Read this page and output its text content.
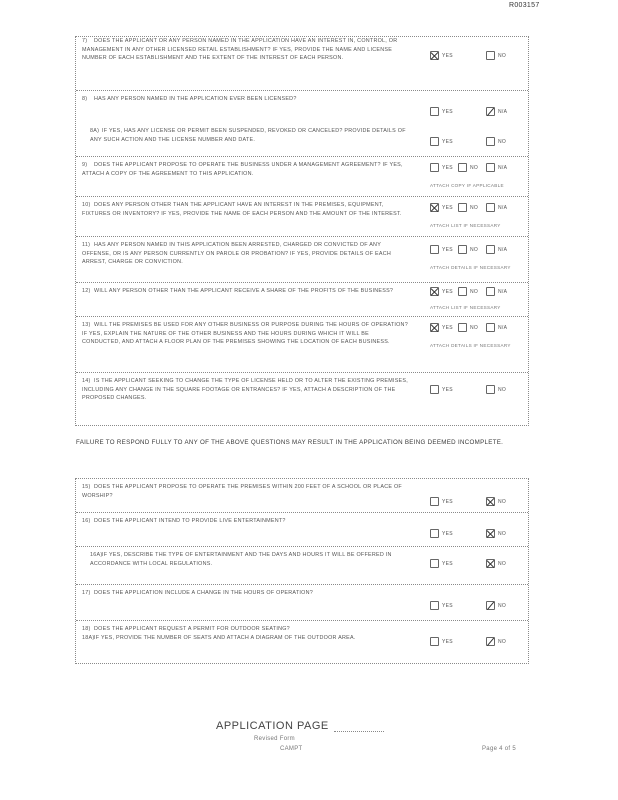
R003157
7) DOES THE APPLICANT OR ANY PERSON NAMED IN THE APPLICATION HAVE AN INTEREST IN, CONTROL, OR MANAGEMENT IN ANY OTHER LICENSED RETAIL ESTABLISHMENT? IF YES, PROVIDE THE NAME AND LICENSE NUMBER OF EACH ESTABLISHMENT AND THE EXTENT OF THE INTEREST OF EACH PERSON.	YES	NO
8) HAS ANY PERSON NAMED IN THE APPLICATION EVER BEEN LICENSED?
YES	N/A
8A) IF YES, HAS ANY LICENSE OR PERMIT BEEN SUSPENDED, REVOKED OR CANCELED? PROVIDE DETAILS OF ANY SUCH ACTION AND THE LICENSE NUMBER AND DATE.	YES	NO
9) DOES THE APPLICANT PROPOSE TO OPERATE THE BUSINESS UNDER A MANAGEMENT AGREEMENT? IF YES, ATTACH A COPY OF THE AGREEMENT TO THIS APPLICATION.
YES	NO	N/A
ATTACH COPY IF APPLICABLE
10) DOES ANY PERSON OTHER THAN THE APPLICANT HAVE AN INTEREST IN THE PREMISES, EQUIPMENT, FIXTURES OR INVENTORY? IF YES, PROVIDE THE NAME OF EACH PERSON AND THE AMOUNT OF THE INTEREST.
YES	NO	N/A
ATTACH LIST IF NECESSARY
11) HAS ANY PERSON NAMED IN THIS APPLICATION BEEN ARRESTED, CHARGED OR CONVICTED OF ANY OFFENSE, OR IS ANY PERSON CURRENTLY ON PAROLE OR PROBATION? IF YES, PROVIDE DETAILS OF EACH ARREST, CHARGE OR CONVICTION.
YES	NO	N/A
ATTACH DETAILS IF NECESSARY
12) WILL ANY PERSON OTHER THAN THE APPLICANT RECEIVE A SHARE OF THE PROFITS OF THE BUSINESS?	YES	NO	N/A
ATTACH LIST IF NECESSARY
13) WILL THE PREMISES BE USED FOR ANY OTHER BUSINESS OR PURPOSE DURING THE HOURS OF OPERATION? IF YES, EXPLAIN THE NATURE OF THE OTHER BUSINESS AND THE HOURS DURING WHICH IT WILL BE CONDUCTED, AND ATTACH A FLOOR PLAN OF THE PREMISES SHOWING THE LOCATION OF EACH BUSINESS.
YES	NO	N/A
ATTACH DETAILS IF NECESSARY
14) IS THE APPLICANT SEEKING TO CHANGE THE TYPE OF LICENSE HELD OR TO ALTER THE EXISTING PREMISES, INCLUDING ANY CHANGE IN THE SQUARE FOOTAGE OR ENTRANCES? IF YES, ATTACH A DESCRIPTION OF THE PROPOSED CHANGES.
YES	NO
FAILURE TO RESPOND FULLY TO ANY OF THE ABOVE QUESTIONS MAY RESULT IN THE APPLICATION BEING DEEMED INCOMPLETE.
15) DOES THE APPLICANT PROPOSE TO OPERATE THE PREMISES WITHIN 200 FEET OF A SCHOOL OR PLACE OF WORSHIP?
YES	NO
16) DOES THE APPLICANT INTEND TO PROVIDE LIVE ENTERTAINMENT?
YES	NO
16A)IF YES, DESCRIBE THE TYPE OF ENTERTAINMENT AND THE DAYS AND HOURS IT WILL BE OFFERED IN ACCORDANCE WITH LOCAL REGULATIONS.	YES	NO
17) DOES THE APPLICATION INCLUDE A CHANGE IN THE HOURS OF OPERATION?
YES	NO
18) DOES THE APPLICANT REQUEST A PERMIT FOR OUTDOOR SEATING?
18A)IF YES, PROVIDE THE NUMBER OF SEATS AND ATTACH A DIAGRAM OF THE OUTDOOR AREA.
YES	NO
APPLICATION PAGE
Revised Form
CAMPT	Page 4 of 5
